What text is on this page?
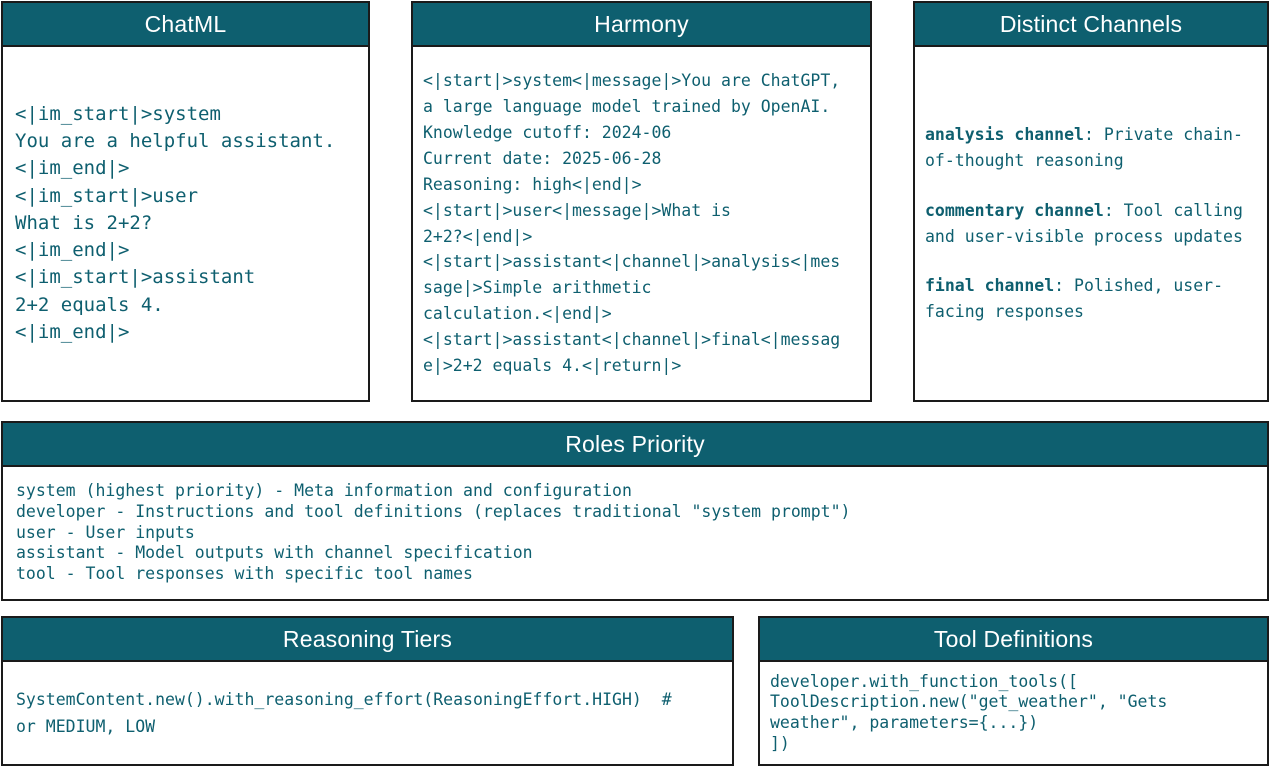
ChatML
<|im_start|>system
You are a helpful assistant.
<|im_end|>
<|im_start|>user
What is 2+2?
<|im_end|>
<|im_start|>assistant
2+2 equals 4.
<|im_end|>
Harmony
<|start|>system<|message|>You are ChatGPT,
a large language model trained by OpenAI.
Knowledge cutoff: 2024-06
Current date: 2025-06-28
Reasoning: high<|end|>
<|start|>user<|message|>What is
2+2?<|end|>
<|start|>assistant<|channel|>analysis<|mes
sage|>Simple arithmetic
calculation.<|end|>
<|start|>assistant<|channel|>final<|messag
e|>2+2 equals 4.<|return|>
Distinct Channels
analysis channel: Private chain-
of-thought reasoning
commentary channel: Tool calling
and user-visible process updates
final channel: Polished, user-
facing responses
Roles Priority
system (highest priority) - Meta information and configuration
developer - Instructions and tool definitions (replaces traditional "system prompt")
user - User inputs
assistant - Model outputs with channel specification
tool - Tool responses with specific tool names
Reasoning Tiers
SystemContent.new().with_reasoning_effort(ReasoningEffort.HIGH)  #
or MEDIUM, LOW
Tool Definitions
developer.with_function_tools([
ToolDescription.new("get_weather", "Gets
weather", parameters={...})
])
